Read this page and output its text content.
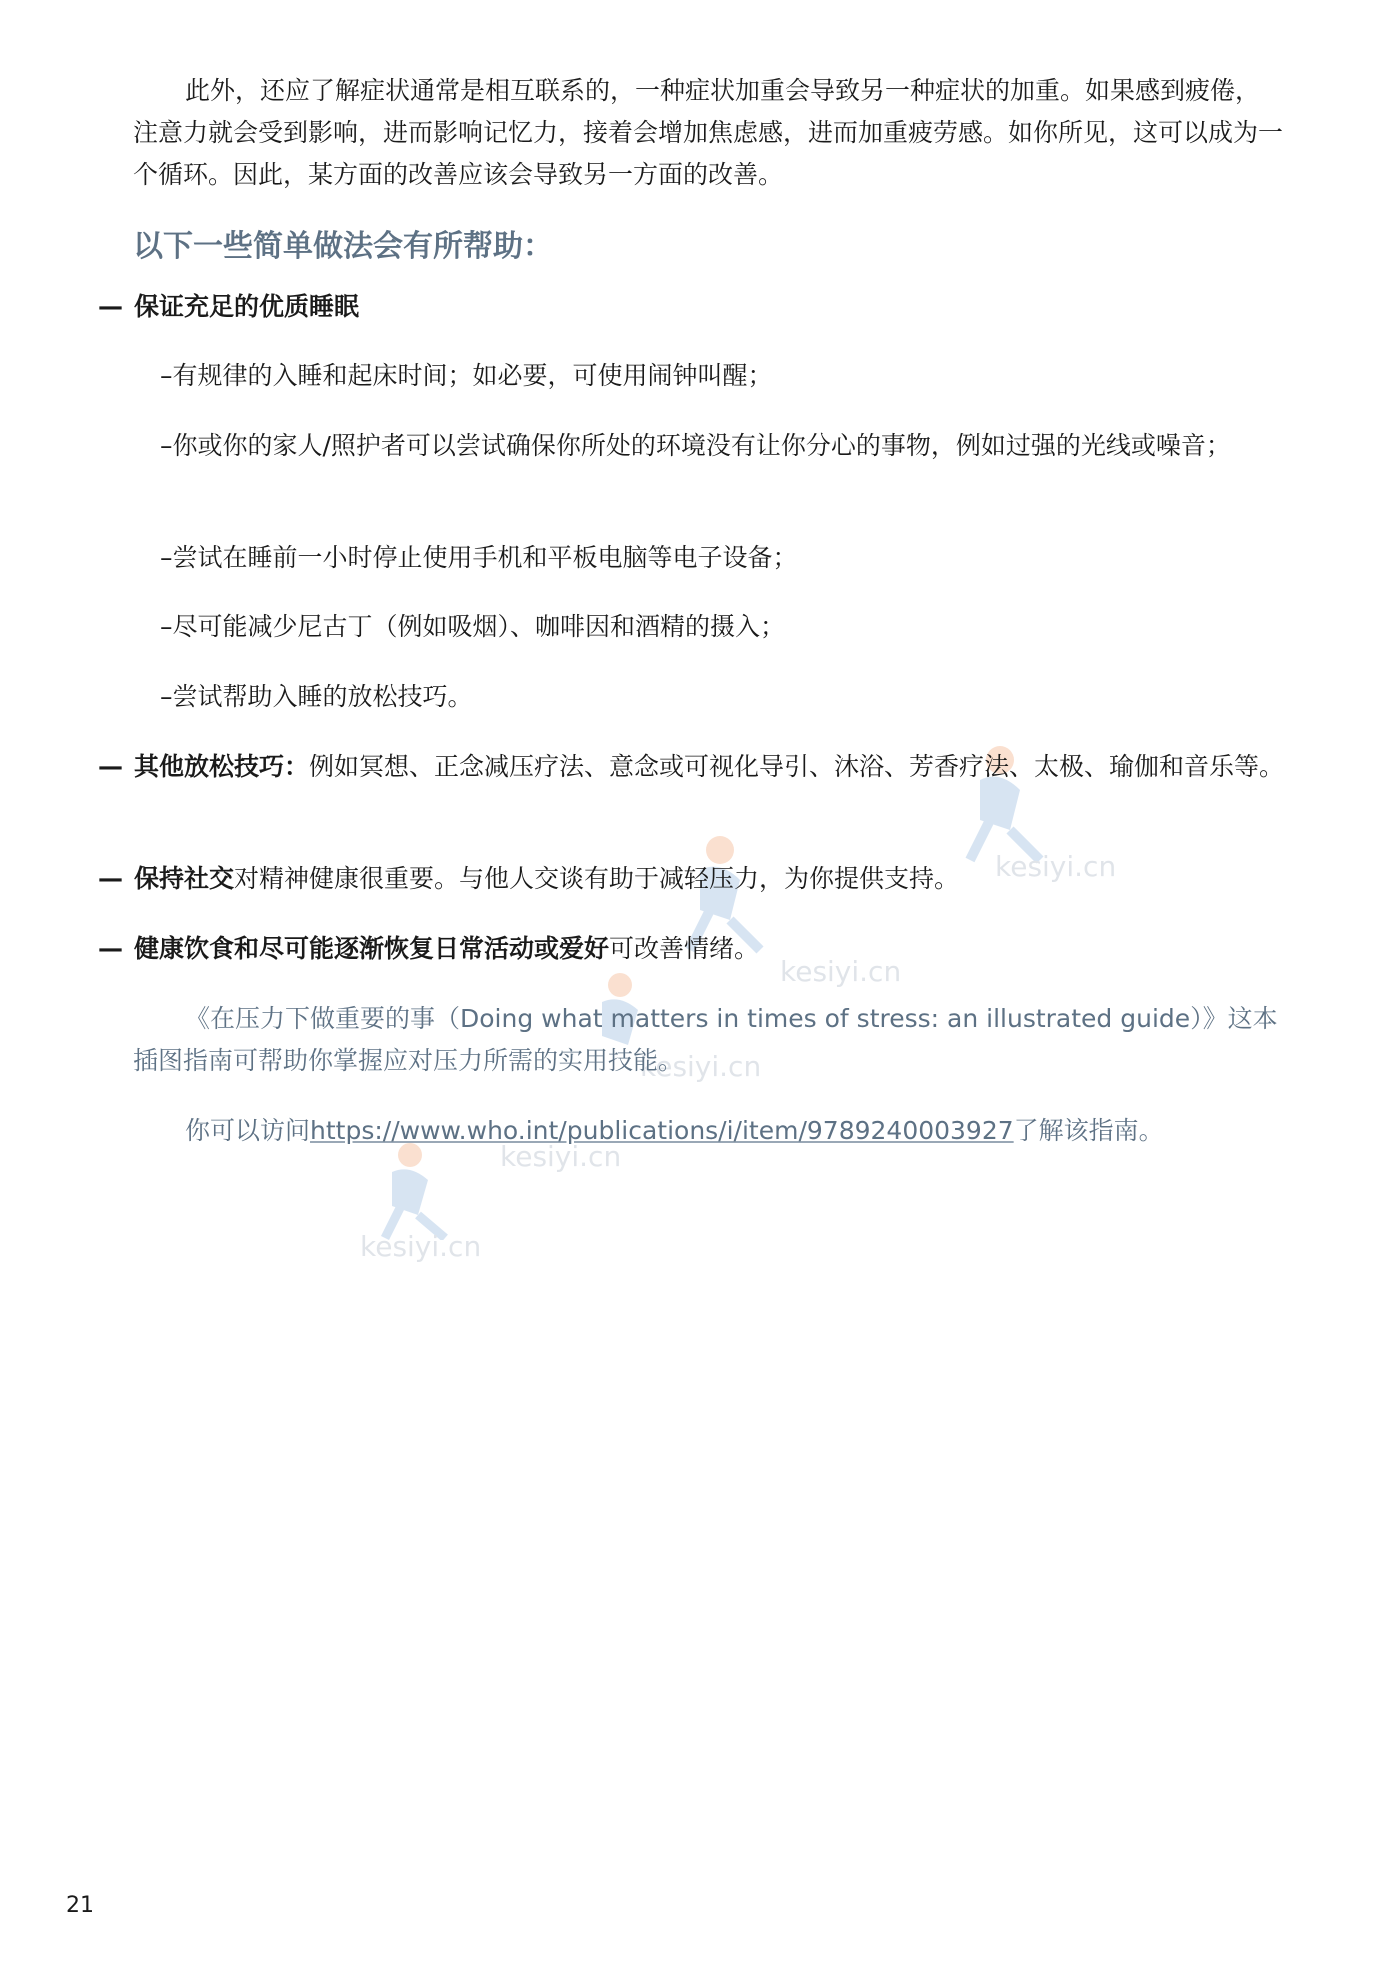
kesiyi.cn
kesiyi.cn
kesiyi.cn
kesiyi.cn
kesiyi.cn

此外，还应了解症状通常是相互联系的，一种症状加重会导致另一种症状的加重。如果感到疲倦，注意力就会受到影响，进而影响记忆力，接着会增加焦虑感，进而加重疲劳感。如你所见，这可以成为一个循环。因此，某方面的改善应该会导致另一方面的改善。

以下一些简单做法会有所帮助：
— 保证充足的优质睡眠
–有规律的入睡和起床时间；如必要，可使用闹钟叫醒；
–你或你的家人/照护者可以尝试确保你所处的环境没有让你分心的事物，例如过强的光线或噪音；
–尝试在睡前一小时停止使用手机和平板电脑等电子设备；
–尽可能减少尼古丁（例如吸烟）、咖啡因和酒精的摄入；
–尝试帮助入睡的放松技巧。
— 其他放松技巧：例如冥想、正念减压疗法、意念或可视化导引、沐浴、芳香疗法、太极、瑜伽和音乐等。
— 保持社交对精神健康很重要。与他人交谈有助于减轻压力，为你提供支持。
— 健康饮食和尽可能逐渐恢复日常活动或爱好可改善情绪。

《在压力下做重要的事（Doing what matters in times of stress: an illustrated guide）》这本插图指南可帮助你掌握应对压力所需的实用技能。

你可以访问https://www.who.int/publications/i/item/9789240003927了解该指南。

21
